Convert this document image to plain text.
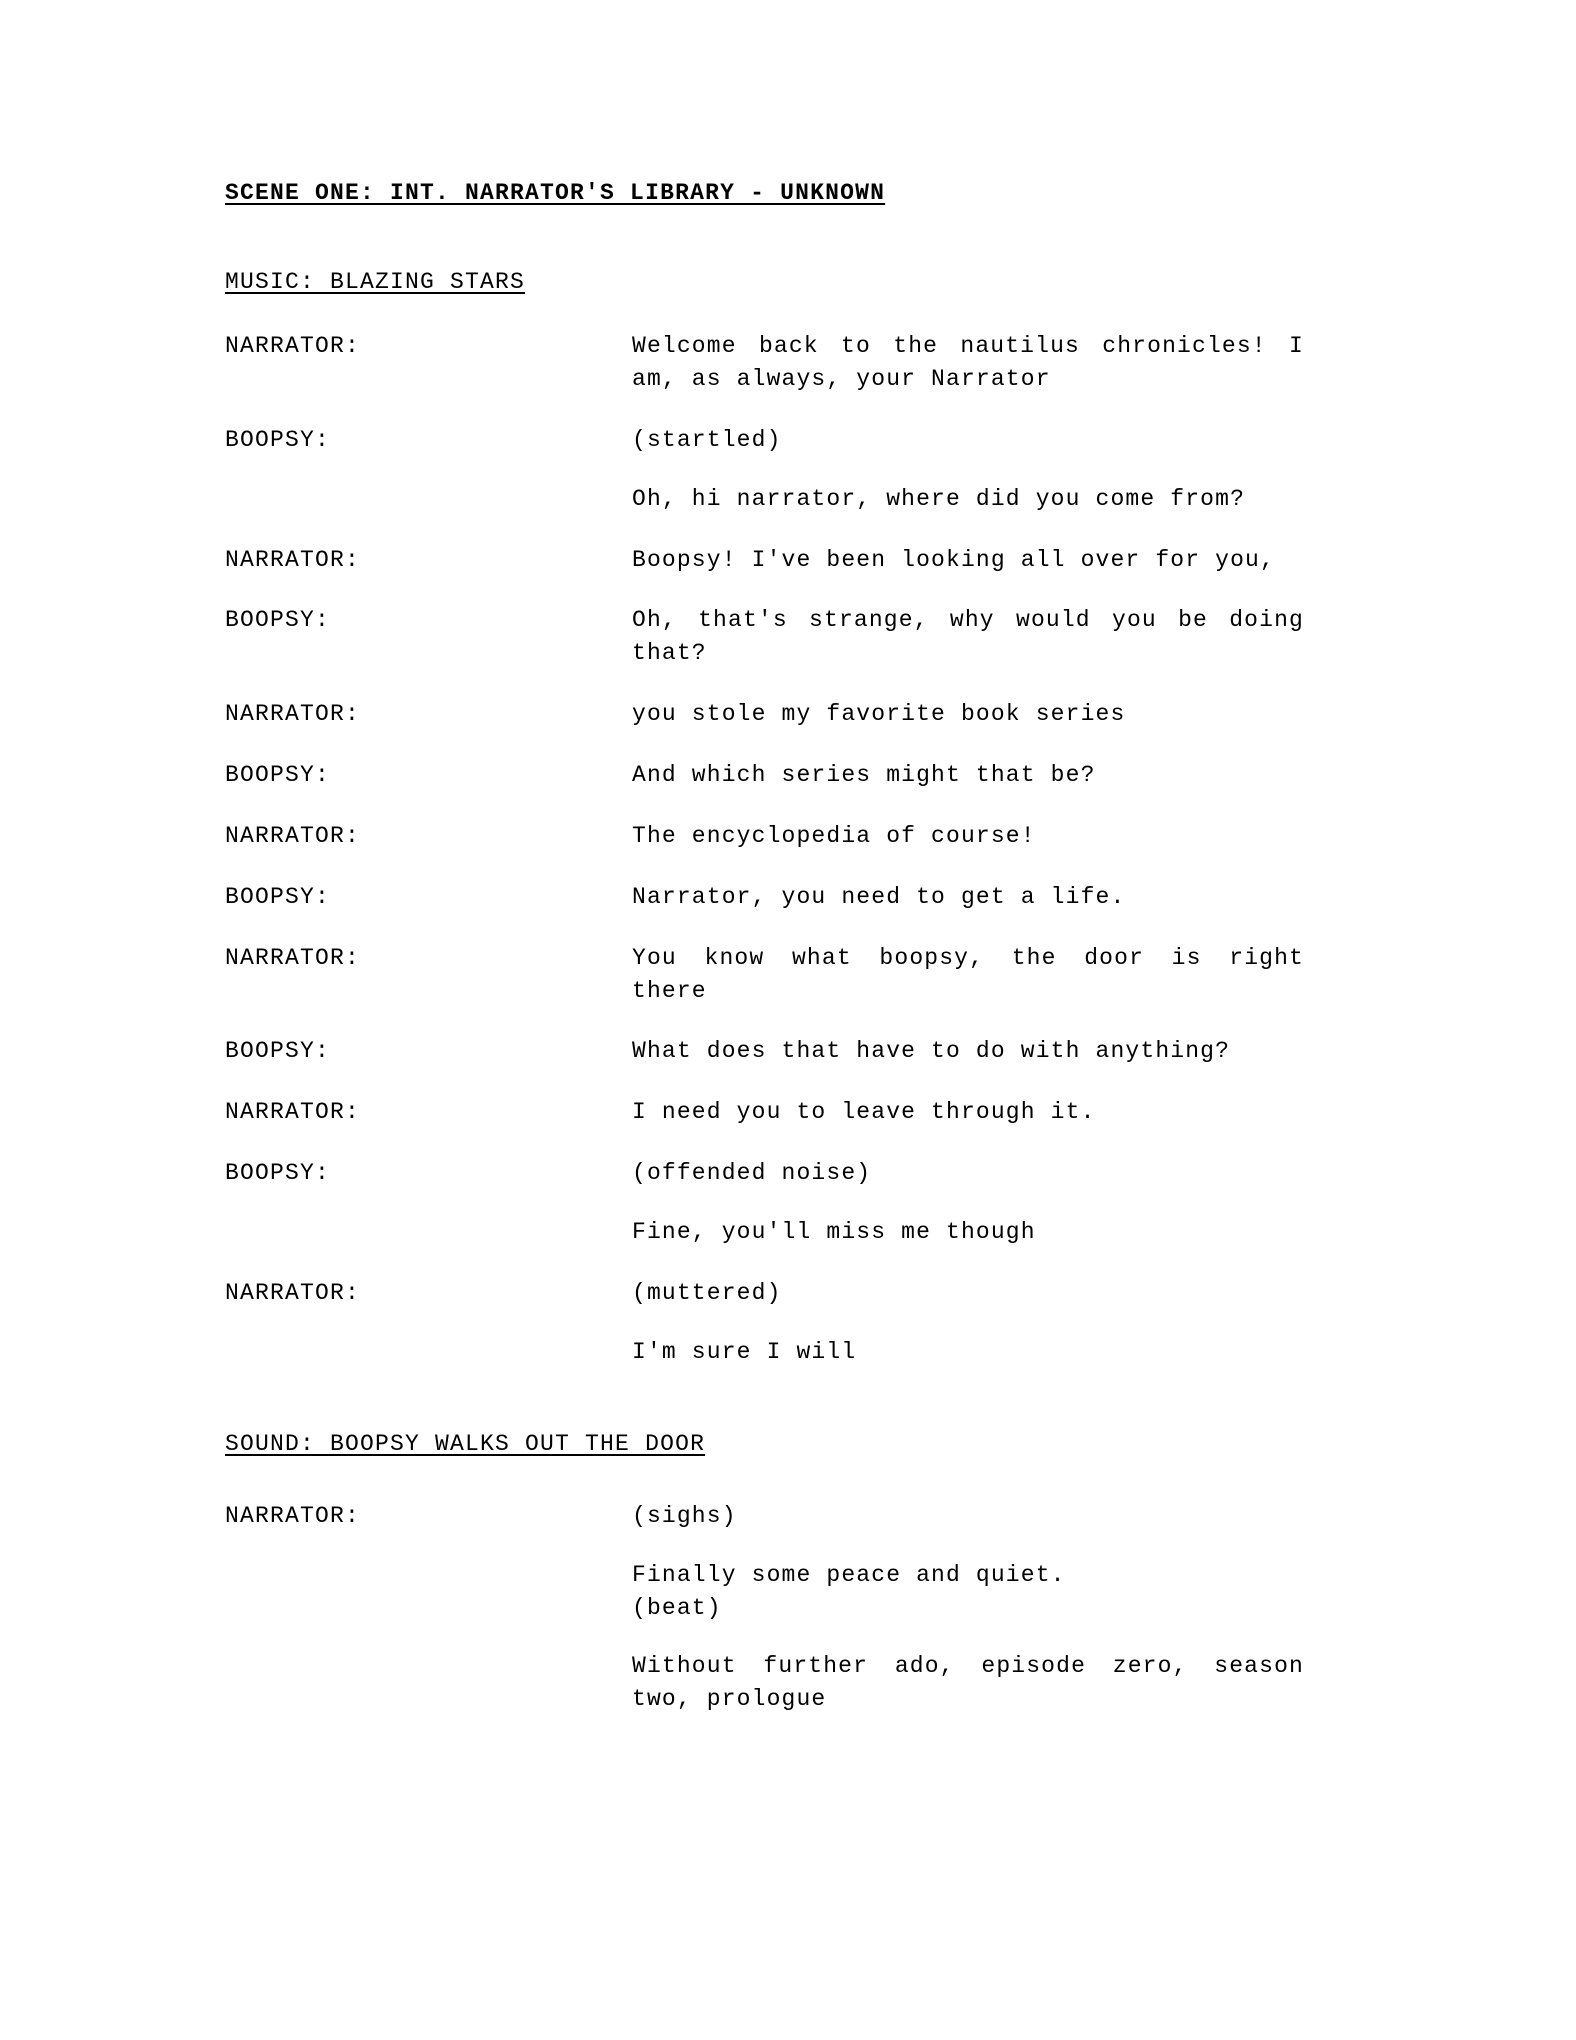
SCENE ONE: INT. NARRATOR'S LIBRARY - UNKNOWN
MUSIC: BLAZING STARS
NARRATOR:	Welcome back to the nautilus chronicles! I am, as always, your Narrator
BOOPSY:	(startled)
Oh, hi narrator, where did you come from?
NARRATOR:	Boopsy! I've been looking all over for you,
BOOPSY:	Oh, that's strange, why would you be doing that?
NARRATOR:	you stole my favorite book series
BOOPSY:	And which series might that be?
NARRATOR:	The encyclopedia of course!
BOOPSY:	Narrator, you need to get a life.
NARRATOR:	You know what boopsy, the door is right there
BOOPSY:	What does that have to do with anything?
NARRATOR:	I need you to leave through it.
BOOPSY:	(offended noise)
Fine, you'll miss me though
NARRATOR:	(muttered)
I'm sure I will
SOUND: BOOPSY WALKS OUT THE DOOR
NARRATOR:	(sighs)
Finally some peace and quiet.
(beat)
Without further ado, episode zero, season two, prologue
